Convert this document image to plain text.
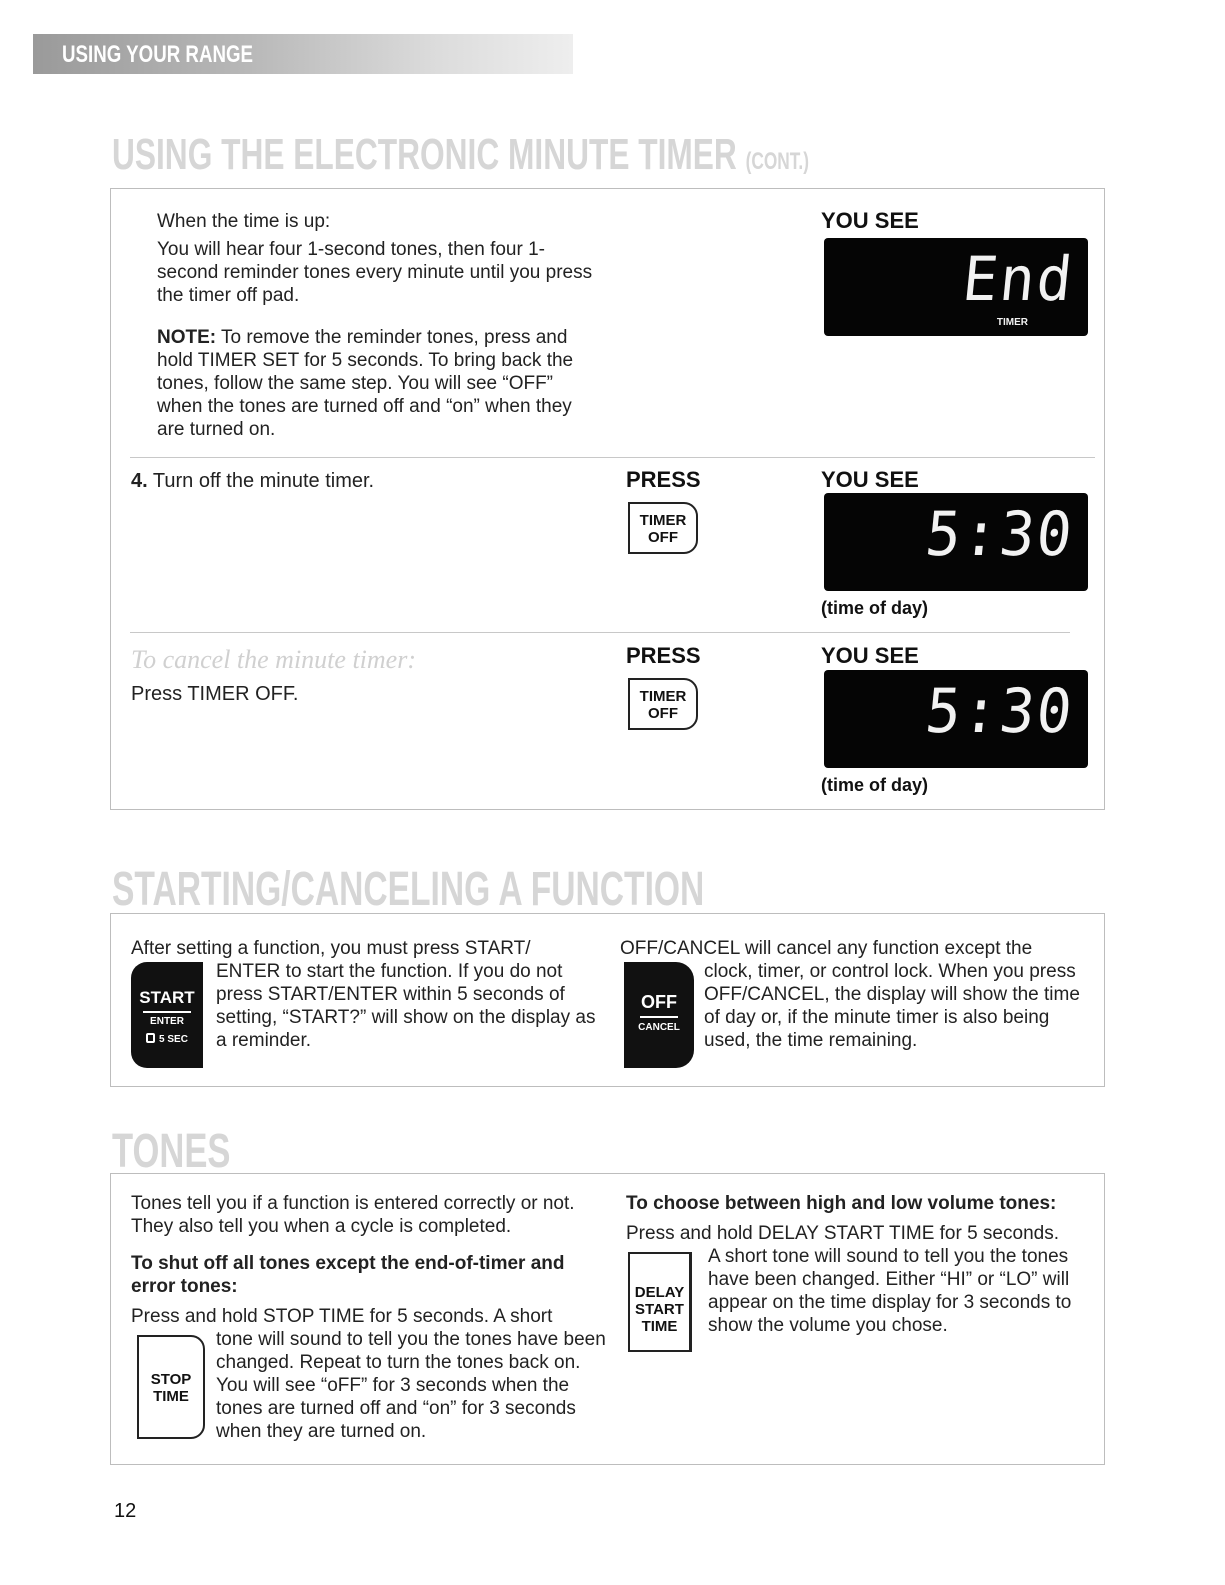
USING YOUR RANGE
USING THE ELECTRONIC MINUTE TIMER (CONT.)
When the time is up:
You will hear four 1-second tones, then four 1-second reminder tones every minute until you press the timer off pad.
NOTE: To remove the reminder tones, press and hold TIMER SET for 5 seconds. To bring back the tones, follow the same step. You will see “OFF” when the tones are turned off and “on” when they are turned on.
YOU SEE
End
TIMER
4. Turn off the minute timer.	PRESS
TIMER
OFF
YOU SEE
5:30
(time of day)
To cancel the minute timer:
Press TIMER OFF.
PRESS
TIMER
OFF
YOU SEE
5:30
(time of day)
STARTING/CANCELING A FUNCTION
After setting a function, you must press START/
ENTER to start the function. If you do not press START/ENTER within 5 seconds of setting, “START?” will show on the display as a reminder.
START
ENTER
5 SEC
OFF/CANCEL will cancel any function except the
clock, timer, or control lock. When you press OFF/CANCEL, the display will show the time of day or, if the minute timer is also being used, the time remaining.
OFF
CANCEL
TONES
Tones tell you if a function is entered correctly or not. They also tell you when a cycle is completed.
To shut off all tones except the end-of-timer and error tones:
Press and hold STOP TIME for 5 seconds. A short
tone will sound to tell you the tones have been changed. Repeat to turn the tones back on. You will see “oFF” for 3 seconds when the tones are turned off and “on” for 3 seconds when they are turned on.
STOP
TIME
To choose between high and low volume tones:
Press and hold DELAY START TIME for 5 seconds.
A short tone will sound to tell you the tones have been changed. Either “HI” or “LO” will appear on the time display for 3 seconds to show the volume you chose.
DELAY
START
TIME
12
